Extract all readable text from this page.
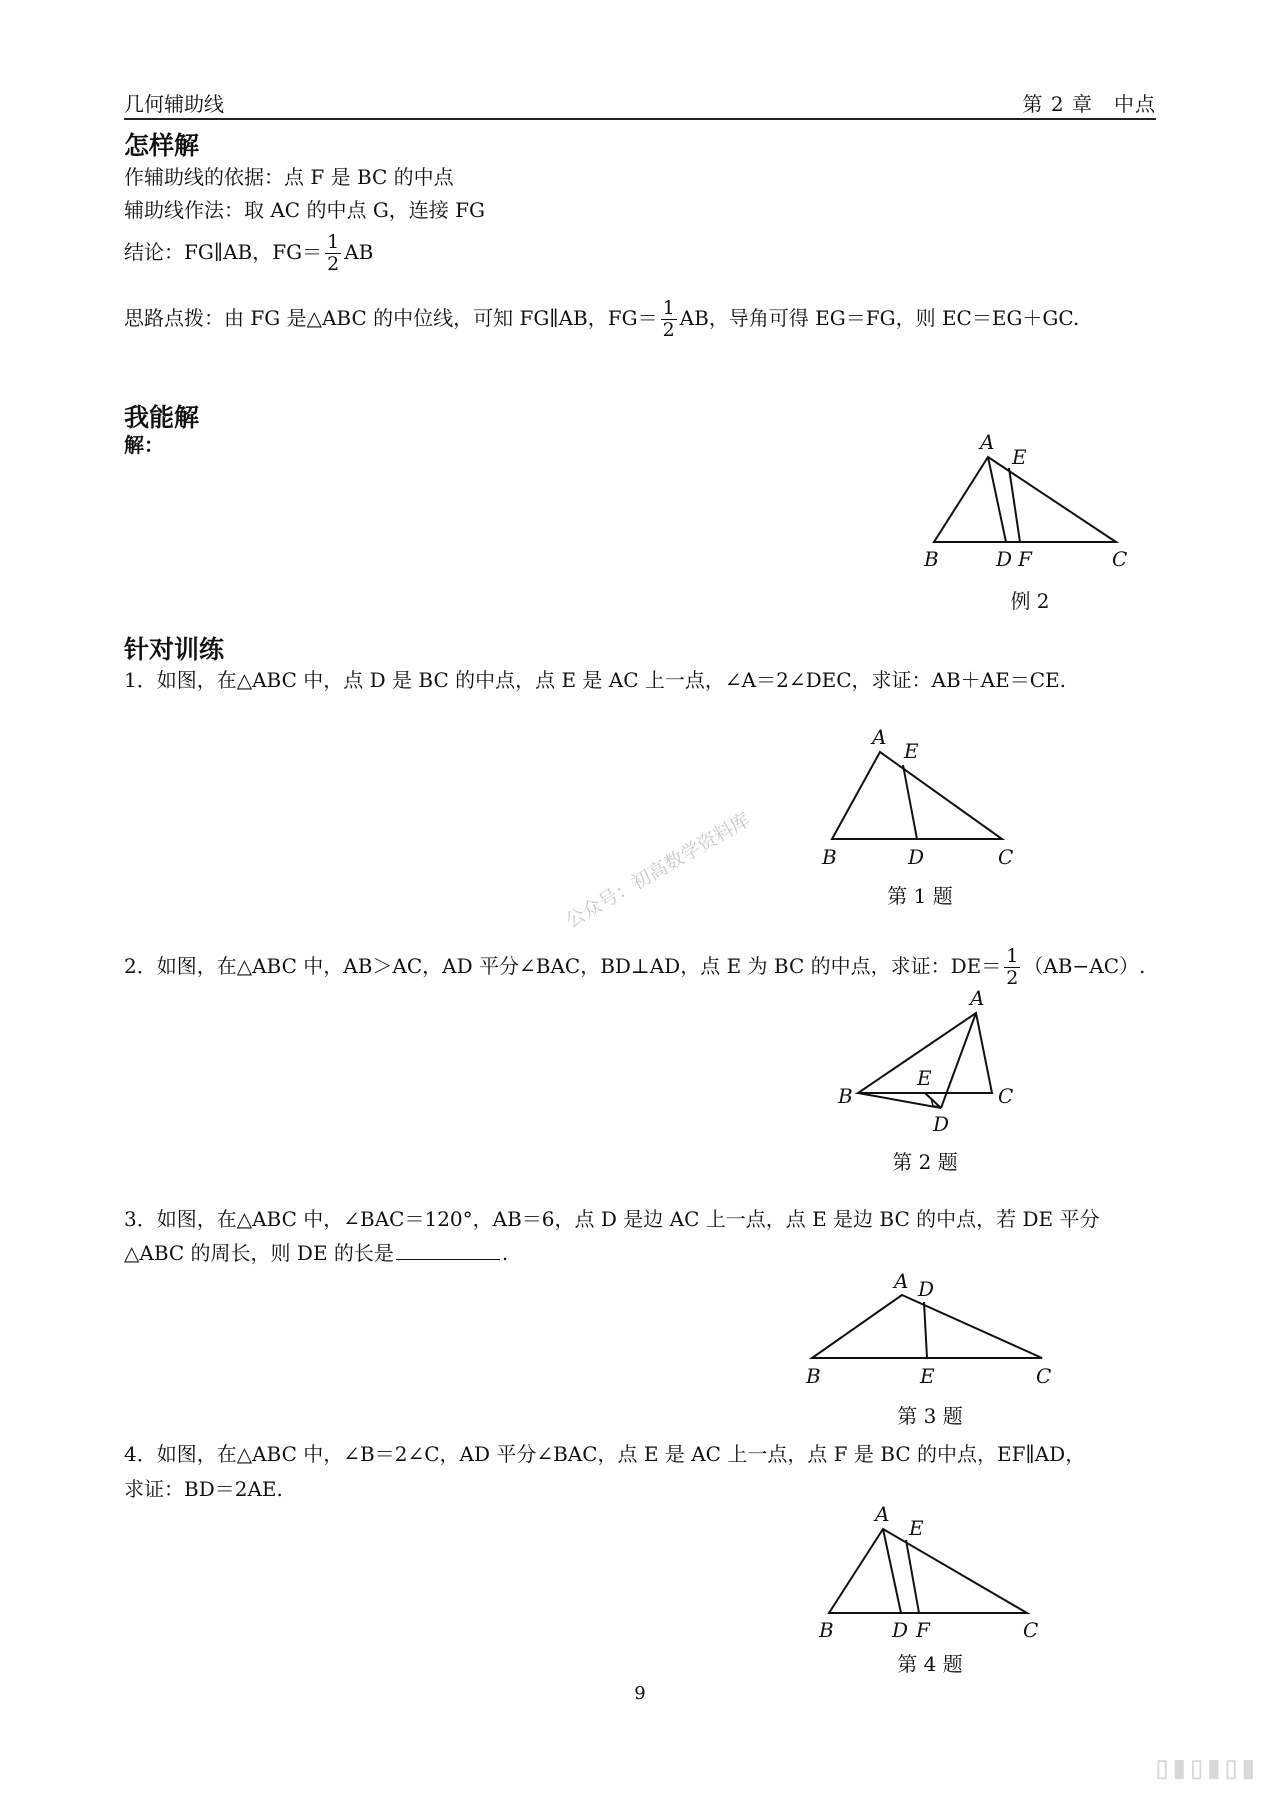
几何辅助线	第 2 章　中点
怎样解
作辅助线的依据：点 F 是 BC 的中点
辅助线作法：取 AC 的中点 G，连接 FG
结论：FG∥AB，$FG= \frac{1}{2}$ AB
思路点拨：由 FG 是△ABC 的中位线，可知 FG∥AB，$FG= \frac{1}{2}$ AB，导角可得 EG＝FG，则 EC＝EG＋GC.
我能解
解：	A
E
B	D F	C
例 2
针对训练
1．如图，在△ABC 中，点 D 是 BC 的中点，点 E 是 AC 上一点，∠A＝2∠DEC，求证：AB＋AE＝CE.
A
E
B	D	C
第 1 题
公众号：初高数学资料库
2．如图，在△ABC 中，AB＞AC，AD 平分∠BAC，BD⊥AD，点 E 为 BC 的中点，求证：$DE= \frac{1}{2} (AB-AC)$.
A
B
E
C
D
第 2 题
3．如图，在△ABC 中，∠BAC＝120°，AB＝6，点 D 是边 AC 上一点，点 E 是边 BC 的中点，若 DE 平分
△ABC 的周长，则 DE 的长是	.
A D
B	E	C
第 3 题
4．如图，在△ABC 中，∠B＝2∠C，AD 平分∠BAC，点 E 是 AC 上一点，点 F 是 BC 的中点，EF∥AD，
求证：BD＝2AE.
A
E
B	D F	C
第 4 题
9
▯▮▯▮▯▮
